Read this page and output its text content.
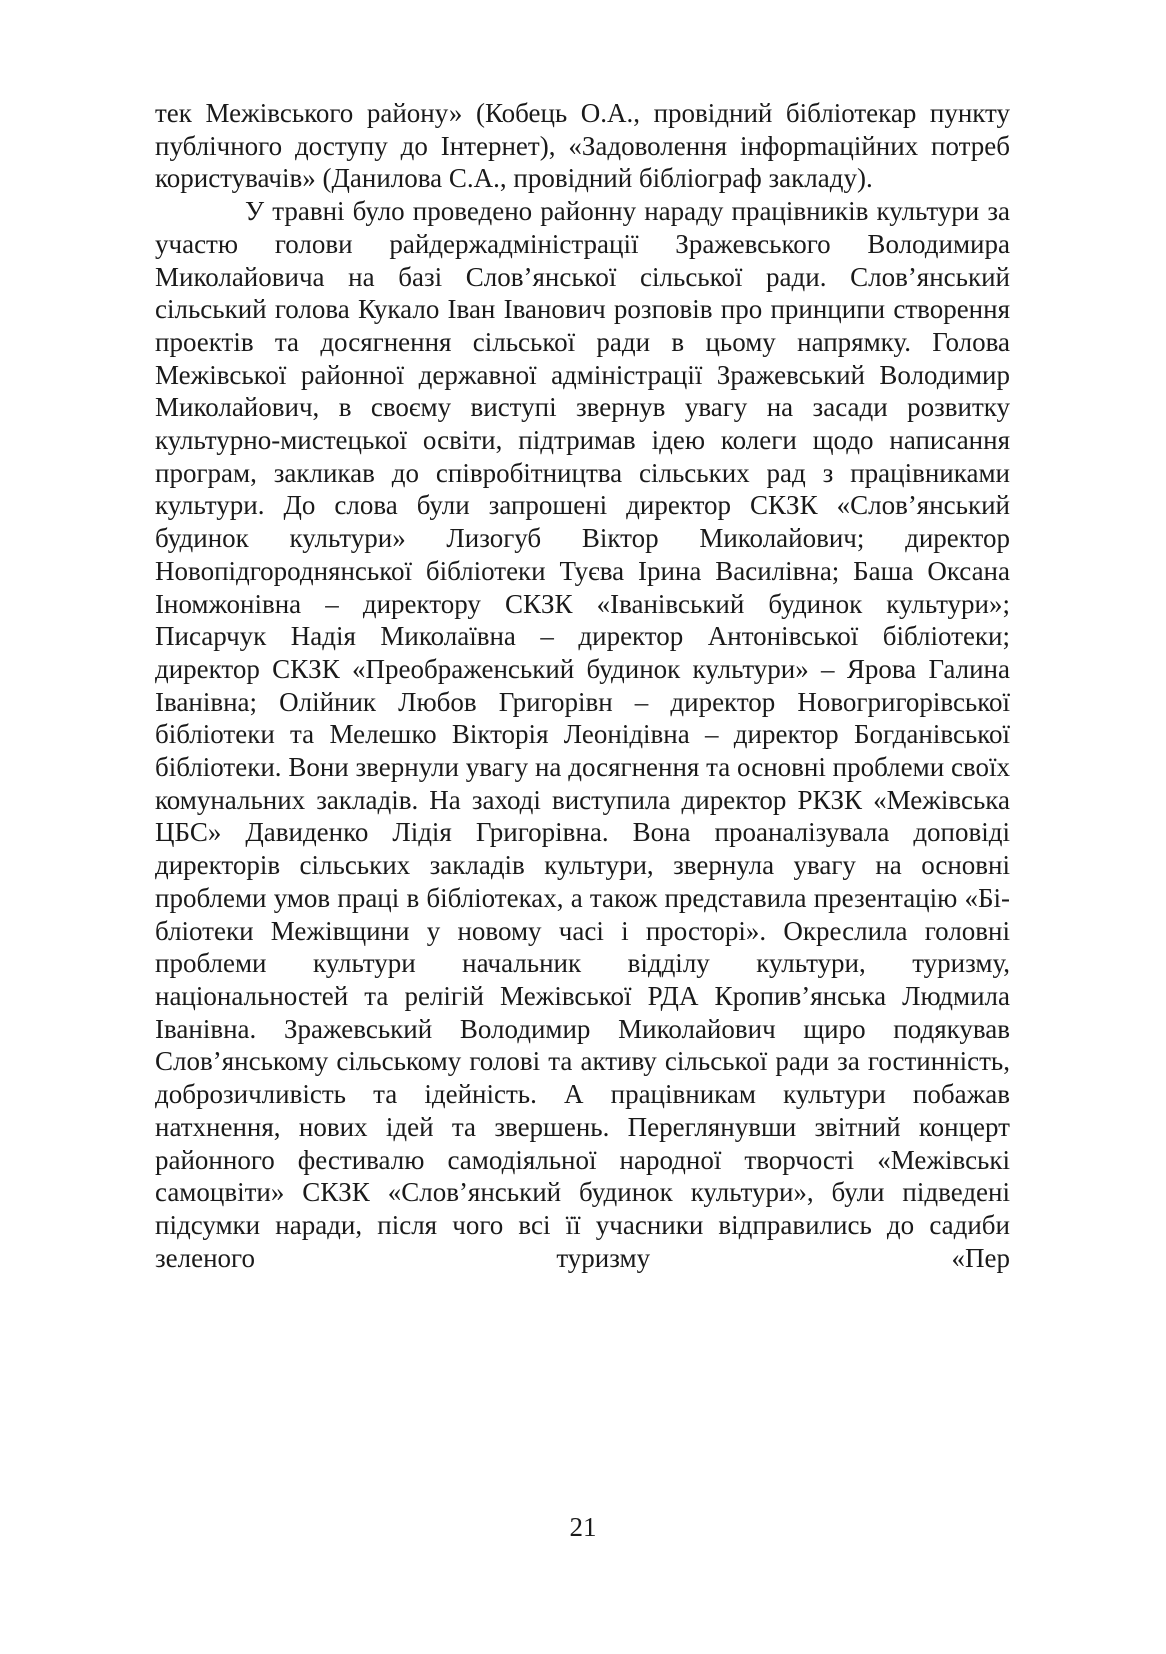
тек Межівського району» (Кобець О.А., провідний бібліотекар пункту публічного доступу до Інтернет), «Задоволення інфорmаційних потреб користувачів» (Данилова С.А., провідний бібліограф закладу).

У травні було проведено районну нараду працівників культури за участю голови райдержадміністрації Зражевського Володимира Миколайовича на базі Слов’янської сільської ради. Слов’янський сільський голова Кукало Іван Іванович розповів про принципи створення проектів та досягнення сільської ради в цьому напрямку. Голова Межівської районної державної адміністрації Зражевський Володимир Миколайович, в своєму виступі звернув увагу на засади розвитку культурно-мистецької освіти, підтримав ідею колеги щодо написання програм, закликав до співробітництва сільських рад з працівниками культури. До слова були запрошені директор СКЗК «Слов’янський будинок культури» Лизогуб Віктор Миколайович; директор Новопідгороднянської бібліотеки Туєва Ірина Василівна; Баша Оксана Іномжонівна – директору СКЗК «Іванівський будинок культури»; Писарчук Надія Миколаївна – директор Антонівської бібліотеки; директор СКЗК «Преображенський будинок культури» – Ярова Галина Іванівна; Олійник Любов Григорівн – директор Новогригорівської бібліотеки та Мелешко Вікторія Леонідівна – директор Богданівської бібліотеки. Вони звернули увагу на досягнення та основні проблеми своїх комунальних закладів. На заході виступила директор РКЗК «Межівська ЦБС» Давиденко Лідія Григорівна. Вона проаналізувала доповіді директорів сільських закладів культури, звернула увагу на основні проблеми умов праці в бібліотеках, а також представила презентацію «Бібліотеки Межівщини у новому часі і просторі». Окреслила головні проблеми культури начальник відділу культури, туризму, національностей та релігій Межівської РДА Кропив’янська Людмила Іванівна. Зражевський Володимир Миколайович щиро подякував Слов’янському сільському голові та активу сільської ради за гостинність, доброзичливість та ідейність. А працівникам культури побажав натхнення, нових ідей та звершень. Переглянувши звітний концерт районного фестивалю самодіяльної народної творчості «Межівські самоцвіти» СКЗК «Слов’янський будинок культури», були підведені підсумки наради, після чого всі її учасники відправились до садиби зеленого туризму «Пер

21
